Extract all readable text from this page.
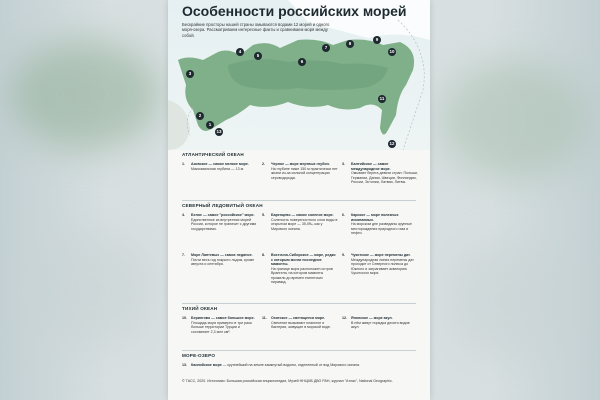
Особенности российских морей
Бескрайние просторы нашей страны омываются водами 12 морей и одного моря-озера. Рассматриваем интересные факты и сравниваем моря между собой.
1
2
3
4
5
6
7
8
9
10
11
12
13
АТЛАНТИЧЕСКИЙ ОКЕАН
1. Азовское — самое мелкое море.
Максимальная глубина — 13 м.
2. Черное — море мертвых глубин.
На глубине ниже 150 м практически нет жизни из-за сильной концентрации сероводорода.
3. Балтийское — самое международное море.
Омывает берега девяти стран: Польши, Германии, Дании, Швеции, Финляндии, России, Эстонии, Латвии, Литвы.
СЕВЕРНЫЙ ЛЕДОВИТЫЙ ОКЕАН
4. Белое — самое "российское" море.
Единственное из внутренних морей России, которое не граничит с другими государствами.
5. Баренцево — самое соленое море.
Соленость поверхностного слоя воды в открытом море — 35,0‰, как у Мирового океана.
6. Карское — море полезных ископаемых.
На морском дне разведаны крупные месторождения природного газа и нефти.
7. Море Лаптевых — самое ледяное.
Почти весь год покрыто льдом, кроме августа и сентября.
8. Восточно-Сибирское — море, редко с которым могли последние мамонты.
На границе моря расположен остров Врангеля, на котором мамонты прожили до времен египетских пирамид.
9. Чукотское — море перемены дат.
Международная линия перемены дат проходит от Северного полюса до Южного и затрагивает акваторию Чукотского моря.
ТИХИЙ ОКЕАН
10. Берингово — самое большое море.
Площадь моря примерно в три раза больше территории Турции и составляет 2,3 млн км².
11. Охотское — светящееся море.
Свечение вызывают планктон и бактерии, живущие в морской воде.
12. Японское — море акул.
В нём живут порядка десяти видов акул.
МОРЕ-ОЗЕРО
13. Каспийское море — крупнейший на земле замкнутый водоем, отделенный от вод Мирового океана.
© ТАСС, 2020. Источники: Большая российская энциклопедия, Музей ННЦМБ ДВО РАН, журнал "Атлас", National Geographic.
